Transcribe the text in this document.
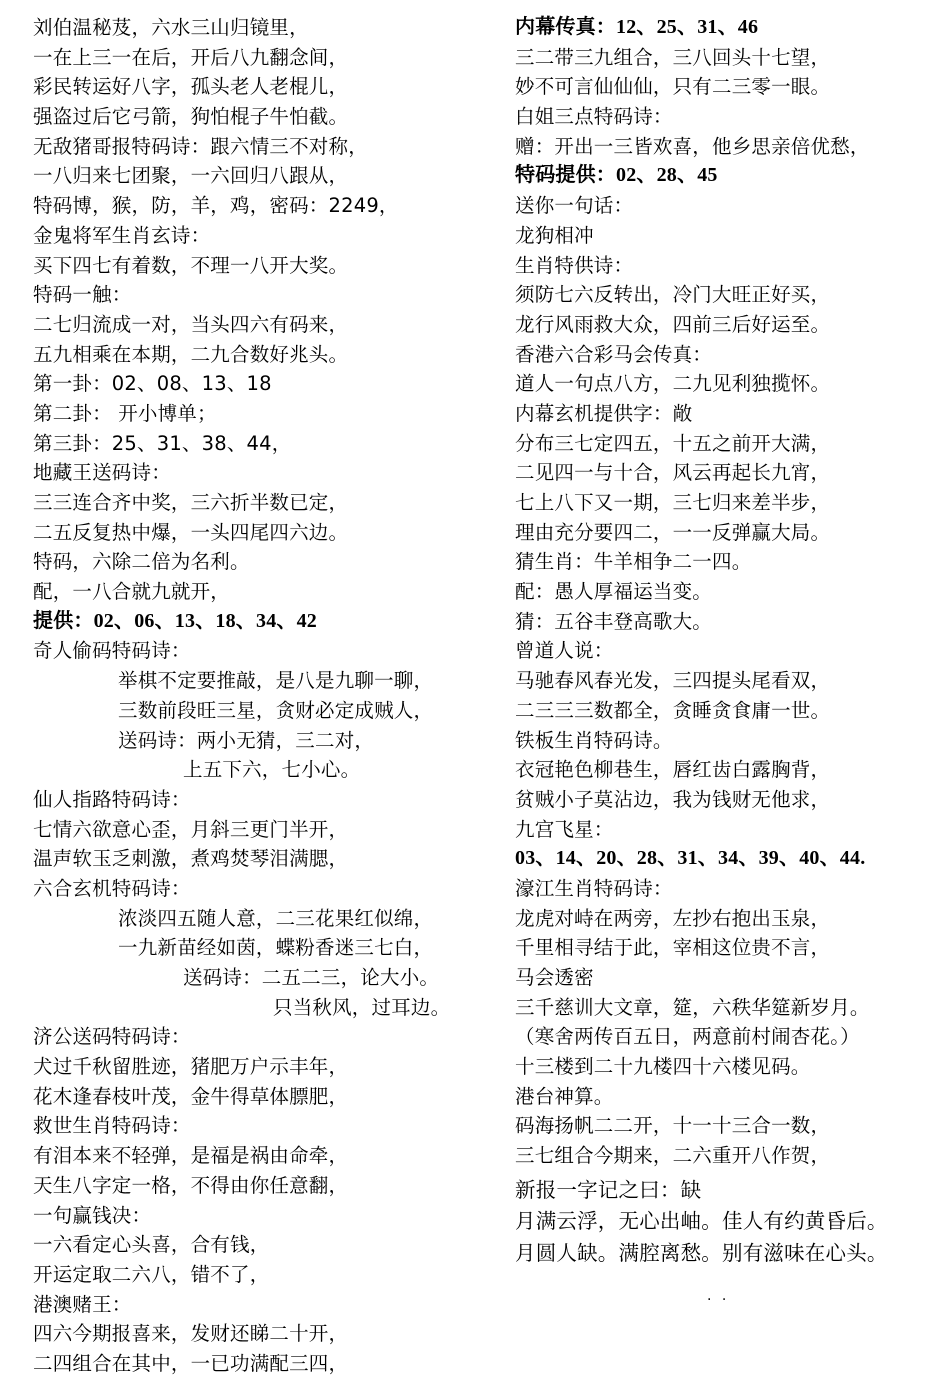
刘伯温秘芨，六水三山归镜里，
一在上三一在后，开后八九翻念间，
彩民转运好八字，孤头老人老棍儿，
强盗过后它弓箭，狗怕棍子牛怕截。
无敌猪哥报特码诗：跟六情三不对称，
一八归来七团聚，一六回归八跟从，
特码博，猴，防，羊，鸡，密码：2249，
金鬼将军生肖玄诗：
买下四七有着数，不理一八开大奖。
特码一触：
二七归流成一对，当头四六有码来，
五九相乘在本期，二九合数好兆头。
第一卦：02、08、13、18
第二卦： 开小博单；
第三卦：25、31、38、44，
地藏王送码诗：
三三连合齐中奖，三六折半数已定，
二五反复热中爆，一头四尾四六边。
特码，六除二倍为名利。
配，一八合就九就开，
提供：02、06、13、18、34、42
奇人偷码特码诗：
举棋不定要推敲，是八是九聊一聊，
三数前段旺三星，贪财必定成贼人，
送码诗：两小无猜，三二对，
上五下六，七小心。
仙人指路特码诗：
七情六欲意心歪，月斜三更门半开，
温声软玉乏刺激，煮鸡焚琴泪满腮，
六合玄机特码诗：
浓淡四五随人意，二三花果红似绵，
一九新苗经如茵，蝶粉香迷三七白，
送码诗：二五二三，论大小。
只当秋风，过耳边。
济公送码特码诗：
犬过千秋留胜迹，猪肥万户示丰年，
花木逢春枝叶茂，金牛得草体膘肥，
救世生肖特码诗：
有泪本来不轻弹，是福是祸由命牵，
天生八字定一格，不得由你任意翻，
一句赢钱决：
一六看定心头喜，合有钱，
开运定取二六八，错不了，
港澳赌王：
四六今期报喜来，发财还睇二十开，
二四组合在其中，一已功满配三四，
内幕传真：12、25、31、46
三二带三九组合，三八回头十七望，
妙不可言仙仙仙，只有二三零一眼。
白姐三点特码诗：
赠：开出一三皆欢喜，他乡思亲倍优愁，
特码提供：02、28、45
送你一句话：
龙狗相冲
生肖特供诗：
须防七六反转出，冷门大旺正好买，
龙行风雨救大众，四前三后好运至。
香港六合彩马会传真：
道人一句点八方，二九见利独揽怀。
内幕玄机提供字：敞
分布三七定四五，十五之前开大满，
二见四一与十合，风云再起长九宵，
七上八下又一期，三七归来差半步，
理由充分要四二，一一反弹赢大局。
猜生肖：牛羊相争二一四。
配：愚人厚福运当变。
猜：五谷丰登高歌大。
曾道人说：
马驰春风春光发，三四提头尾看双，
二三三三数都全，贪睡贪食庸一世。
铁板生肖特码诗。
衣冠艳色柳巷生，唇红齿白露胸背，
贫贼小子莫沾边，我为钱财无他求，
九宫飞星：
03、14、20、28、31、34、39、40、44.
濠江生肖特码诗：
龙虎对峙在两旁，左抄右抱出玉泉，
千里相寻结于此，宰相这位贵不言，
马会透密
三千慈训大文章，筵，六秩华筵新岁月。
（寒舍两传百五日，两意前村闹杏花。）
十三楼到二十九楼四十六楼见码。
港台神算。
码海扬帆二二开，十一十三合一数，
三七组合今期来，二六重开八作贺，
新报一字记之曰：缺
月满云浮，无心出岫。佳人有约黄昏后。
月圆人缺。满腔离愁。别有滋味在心头。
. .
